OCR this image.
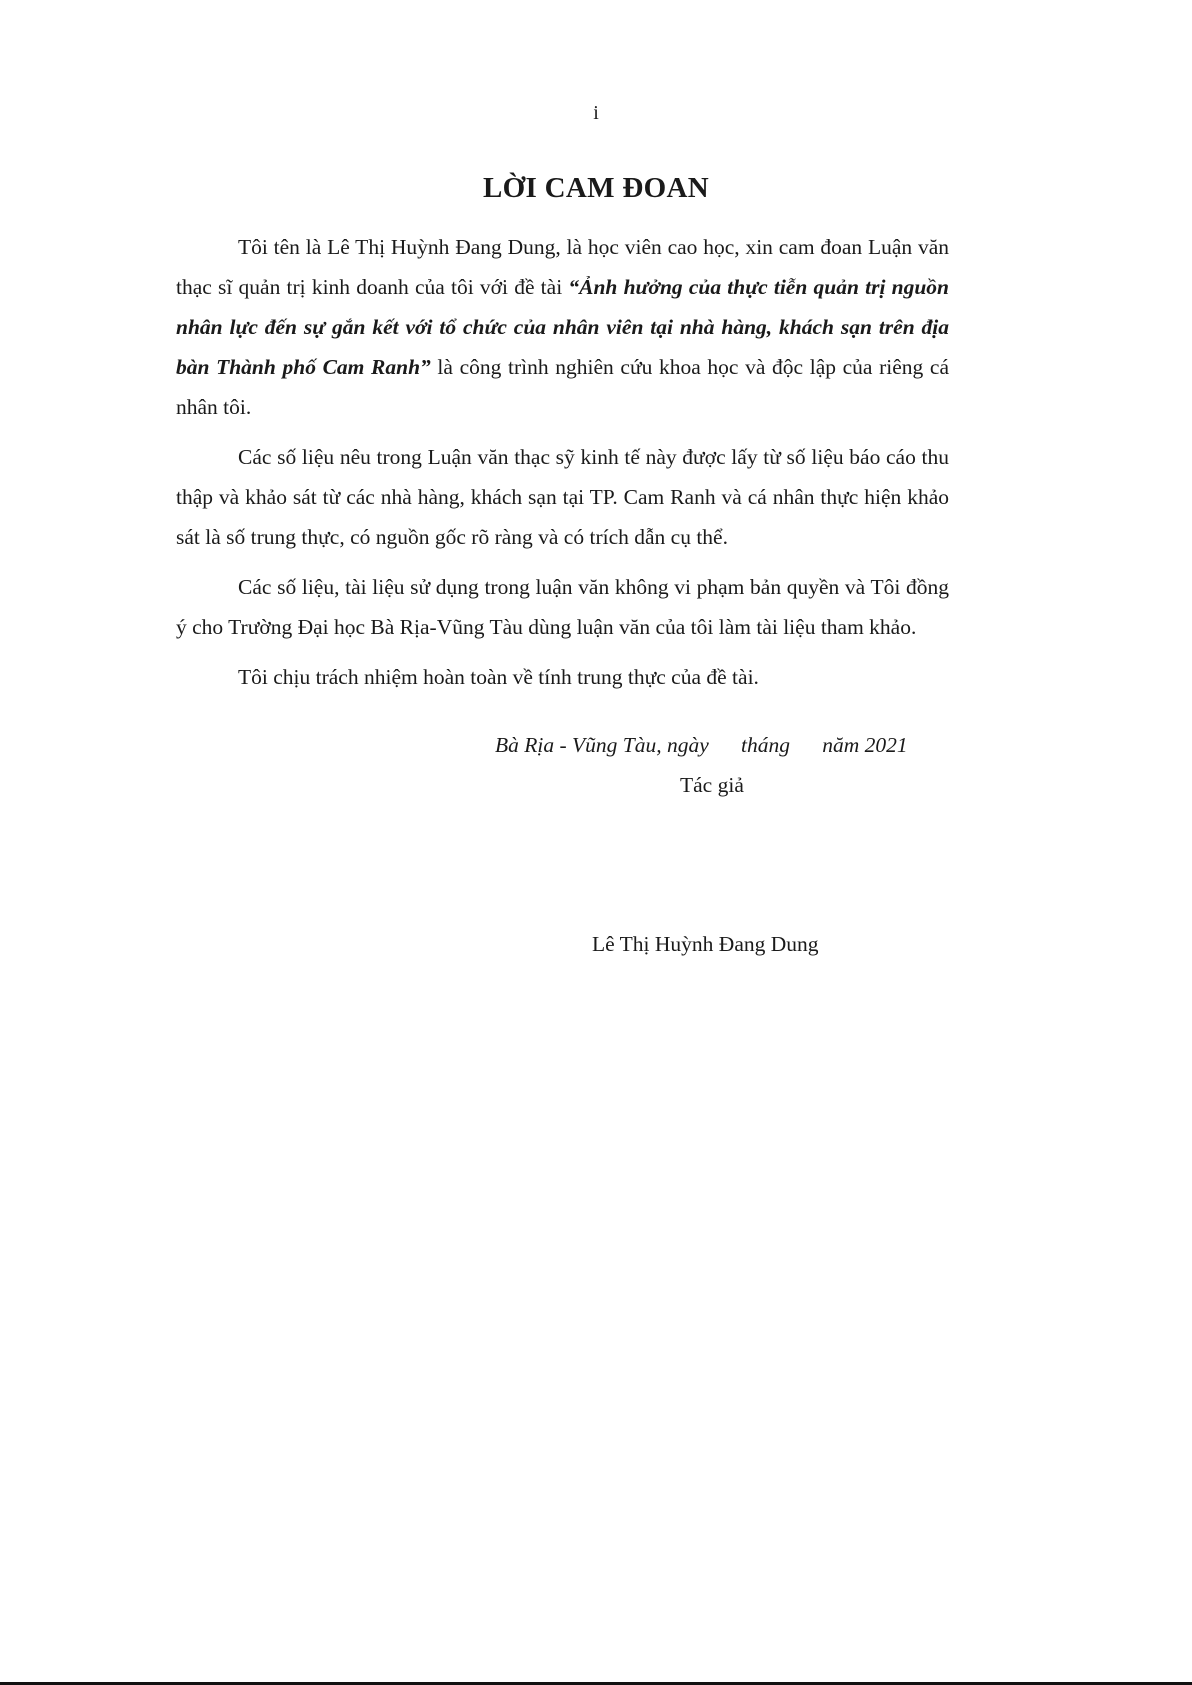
i
LỜI CAM ĐOAN

Tôi tên là Lê Thị Huỳnh Đang Dung, là học viên cao học, xin cam đoan Luận văn thạc sĩ quản trị kinh doanh của tôi với đề tài “Ảnh hưởng của thực tiễn quản trị nguồn nhân lực đến sự gắn kết với tổ chức của nhân viên tại nhà hàng, khách sạn trên địa bàn Thành phố Cam Ranh” là công trình nghiên cứu khoa học và độc lập của riêng cá nhân tôi.

Các số liệu nêu trong Luận văn thạc sỹ kinh tế này được lấy từ số liệu báo cáo thu thập và khảo sát từ các nhà hàng, khách sạn tại TP. Cam Ranh và cá nhân thực hiện khảo sát là số trung thực, có nguồn gốc rõ ràng và có trích dẫn cụ thể.

Các số liệu, tài liệu sử dụng trong luận văn không vi phạm bản quyền và Tôi đồng ý cho Trường Đại học Bà Rịa-Vũng Tàu dùng luận văn của tôi làm tài liệu tham khảo.

Tôi chịu trách nhiệm hoàn toàn về tính trung thực của đề tài.

Bà Rịa - Vũng Tàu, ngày      tháng      năm 2021
Tác giả
Lê Thị Huỳnh Đang Dung
